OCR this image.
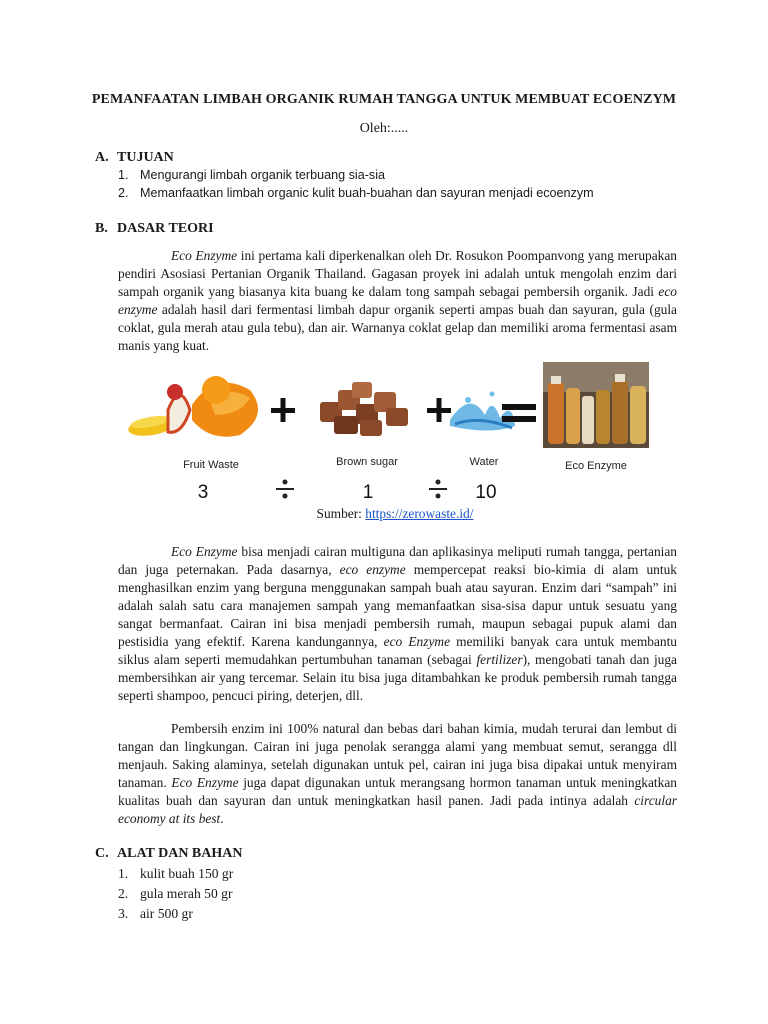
PEMANFAATAN LIMBAH ORGANIK RUMAH TANGGA UNTUK MEMBUAT ECOENZYM
Oleh:.....
A. TUJUAN
1. Mengurangi limbah organik terbuang sia-sia
2. Memanfaatkan limbah organic kulit buah-buahan dan sayuran menjadi ecoenzym
B. DASAR TEORI

Eco Enzyme ini pertama kali diperkenalkan oleh Dr. Rosukon Poompanvong yang merupakan pendiri Asosiasi Pertanian Organik Thailand. Gagasan proyek ini adalah untuk mengolah enzim dari sampah organik yang biasanya kita buang ke dalam tong sampah sebagai pembersih organik. Jadi eco enzyme adalah hasil dari fermentasi limbah dapur organik seperti ampas buah dan sayuran, gula (gula coklat, gula merah atau gula tebu), dan air. Warnanya coklat gelap dan memiliki aroma fermentasi asam manis yang kuat.

Fruit Waste	Brown sugar	Water	Eco Enzyme
3	1	10
Sumber: https://zerowaste.id/

Eco Enzyme bisa menjadi cairan multiguna dan aplikasinya meliputi rumah tangga, pertanian dan juga peternakan. Pada dasarnya, eco enzyme mempercepat reaksi bio-kimia di alam untuk menghasilkan enzim yang berguna menggunakan sampah buah atau sayuran. Enzim dari “sampah” ini adalah salah satu cara manajemen sampah yang memanfaatkan sisa-sisa dapur untuk sesuatu yang sangat bermanfaat. Cairan ini bisa menjadi pembersih rumah, maupun sebagai pupuk alami dan pestisidia yang efektif. Karena kandungannya, eco Enzyme memiliki banyak cara untuk membantu siklus alam seperti memudahkan pertumbuhan tanaman (sebagai fertilizer), mengobati tanah dan juga membersihkan air yang tercemar. Selain itu bisa juga ditambahkan ke produk pembersih rumah tangga seperti shampoo, pencuci piring, deterjen, dll.

Pembersih enzim ini 100% natural dan bebas dari bahan kimia, mudah terurai dan lembut di tangan dan lingkungan. Cairan ini juga penolak serangga alami yang membuat semut, serangga dll menjauh. Saking alaminya, setelah digunakan untuk pel, cairan ini juga bisa dipakai untuk menyiram tanaman. Eco Enzyme juga dapat digunakan untuk merangsang hormon tanaman untuk meningkatkan kualitas buah dan sayuran dan untuk meningkatkan hasil panen. Jadi pada intinya adalah circular economy at its best.

C. ALAT DAN BAHAN
1. kulit buah 150 gr
2. gula merah 50 gr
3. air 500 gr
